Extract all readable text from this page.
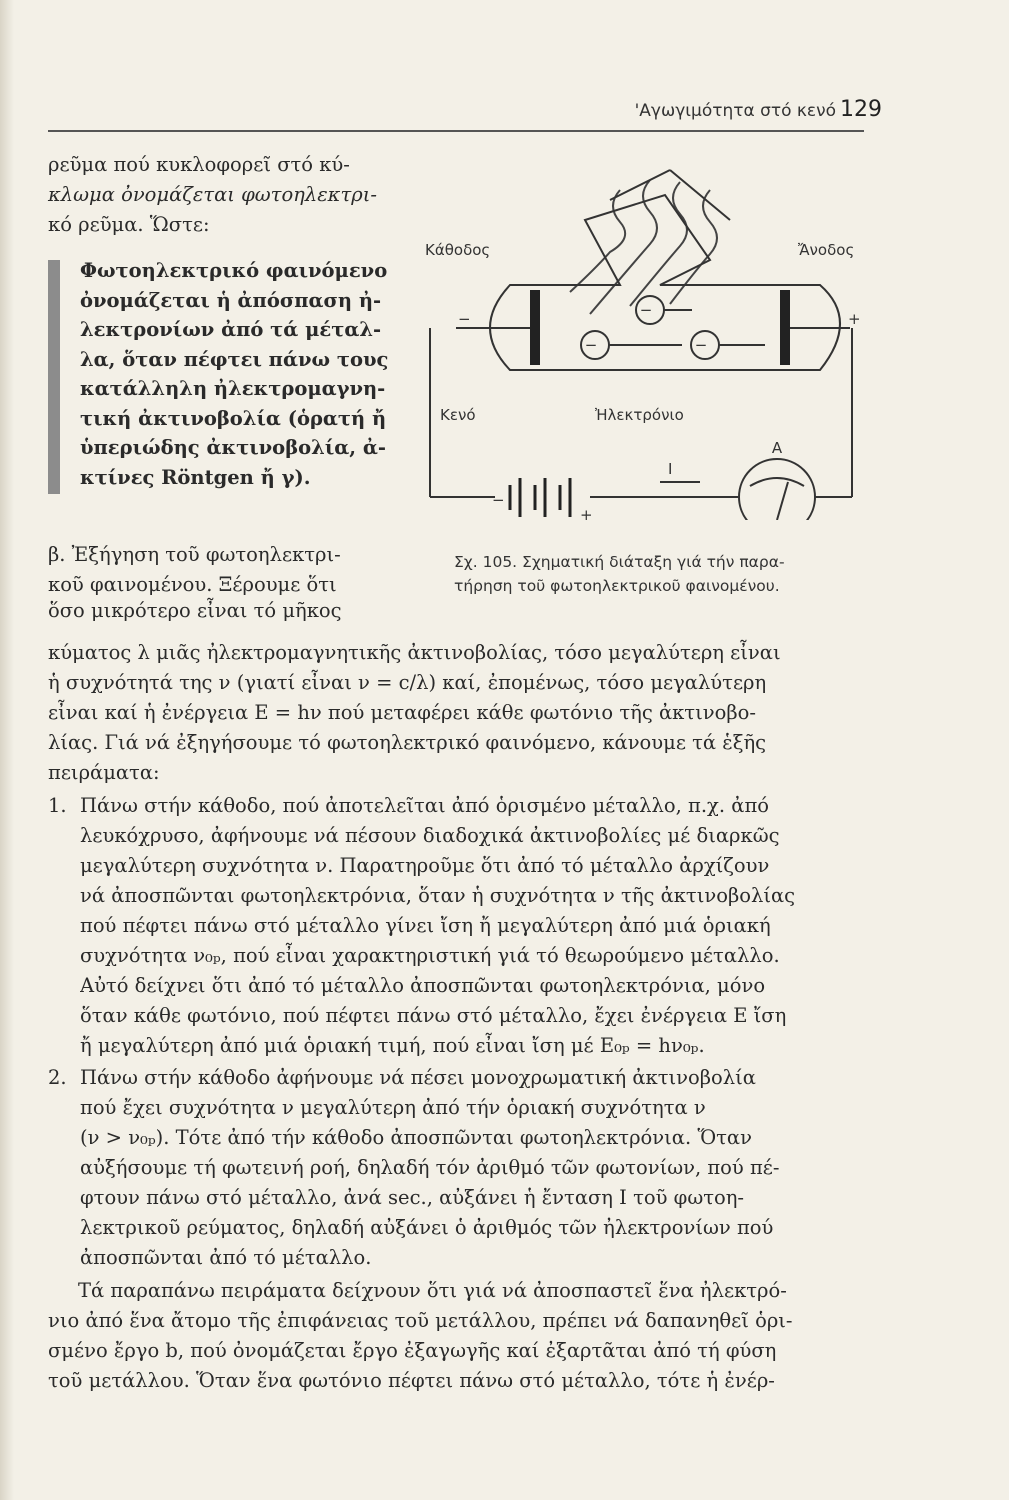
'Αγωγιμότητα στό κενό 129

ρεῦμα πού κυκλοφορεῖ στό κύ-

κλωμα ὀνομάζεται φωτοηλεκτρι-

κό ρεῦμα. Ὥστε:

Φωτοηλεκτρικό φαινόμενο

ὀνομάζεται ἡ ἀπόσπαση ἠ-

λεκτρονίων ἀπό τά μέταλ-

λα, ὅταν πέφτει πάνω τους

κατάλληλη ἠλεκτρομαγνη-

τική ἀκτινοβολία (ὁρατή ἤ

ὑπεριώδης ἀκτινοβολία, ἀ-

κτίνες Röntgen ἤ γ).

β. Ἐξήγηση τοῦ φωτοηλεκτρι-

κοῦ φαινομένου. Ξέρουμε ὅτι

−
−	−
Κάθοδος	Ἄνοδος
Κενό	Ἠλεκτρόνιο
−	+
−
+
A
I

Σχ. 105. Σχηματική διάταξη γιά τήν παρα-

τήρηση τοῦ φωτοηλεκτρικοῦ φαινομένου.

ὅσο μικρότερο εἶναι τό μῆκος

κύματος λ μιᾶς ἠλεκτρομαγνητικῆς ἀκτινοβολίας, τόσο μεγαλύτερη εἶναι

ἡ συχνότητά της ν (γιατί εἶναι ν = c/λ) καί, ἐπομένως, τόσο μεγαλύτερη

εἶναι καί ἡ ἐνέργεια E = hν πού μεταφέρει κάθε φωτόνιο τῆς ἀκτινοβο-

λίας. Γιά νά ἐξηγήσουμε τό φωτοηλεκτρικό φαινόμενο, κάνουμε τά ἑξῆς

πειράματα:

1. Πάνω στήν κάθοδο, πού ἀποτελεῖται ἀπό ὁρισμένο μέταλλο, π.χ. ἀπό

λευκόχρυσο, ἀφήνουμε νά πέσουν διαδοχικά ἀκτινοβολίες μέ διαρκῶς

μεγαλύτερη συχνότητα ν. Παρατηροῦμε ὅτι ἀπό τό μέταλλο ἀρχίζουν

νά ἀποσπῶνται φωτοηλεκτρόνια, ὅταν ἡ συχνότητα ν τῆς ἀκτινοβολίας

πού πέφτει πάνω στό μέταλλο γίνει ἴση ἤ μεγαλύτερη ἀπό μιά ὁριακή

συχνότητα ν₀ₚ, πού εἶναι χαρακτηριστική γιά τό θεωρούμενο μέταλλο.

Αὐτό δείχνει ὅτι ἀπό τό μέταλλο ἀποσπῶνται φωτοηλεκτρόνια, μόνο

ὅταν κάθε φωτόνιο, πού πέφτει πάνω στό μέταλλο, ἔχει ἐνέργεια E ἴση

ἤ μεγαλύτερη ἀπό μιά ὁριακή τιμή, πού εἶναι ἴση μέ E₀ₚ = hν₀ₚ.

2. Πάνω στήν κάθοδο ἀφήνουμε νά πέσει μονοχρωματική ἀκτινοβολία

πού ἔχει συχνότητα ν μεγαλύτερη ἀπό τήν ὁριακή συχνότητα ν

(ν > ν₀ₚ). Τότε ἀπό τήν κάθοδο ἀποσπῶνται φωτοηλεκτρόνια. Ὅταν

αὐξήσουμε τή φωτεινή ροή, δηλαδή τόν ἀριθμό τῶν φωτονίων, πού πέ-

φτουν πάνω στό μέταλλο, ἀνά sec., αὐξάνει ἡ ἔνταση I τοῦ φωτοη-

λεκτρικοῦ ρεύματος, δηλαδή αὐξάνει ὁ ἀριθμός τῶν ἠλεκτρονίων πού

ἀποσπῶνται ἀπό τό μέταλλο.

Τά παραπάνω πειράματα δείχνουν ὅτι γιά νά ἀποσπαστεῖ ἕνα ἠλεκτρό-

νιο ἀπό ἕνα ἄτομο τῆς ἐπιφάνειας τοῦ μετάλλου, πρέπει νά δαπανηθεῖ ὁρι-

σμένο ἔργο b, πού ὀνομάζεται ἔργο ἐξαγωγῆς καί ἐξαρτᾶται ἀπό τή φύση

τοῦ μετάλλου. Ὅταν ἕνα φωτόνιο πέφτει πάνω στό μέταλλο, τότε ἡ ἐνέρ-
